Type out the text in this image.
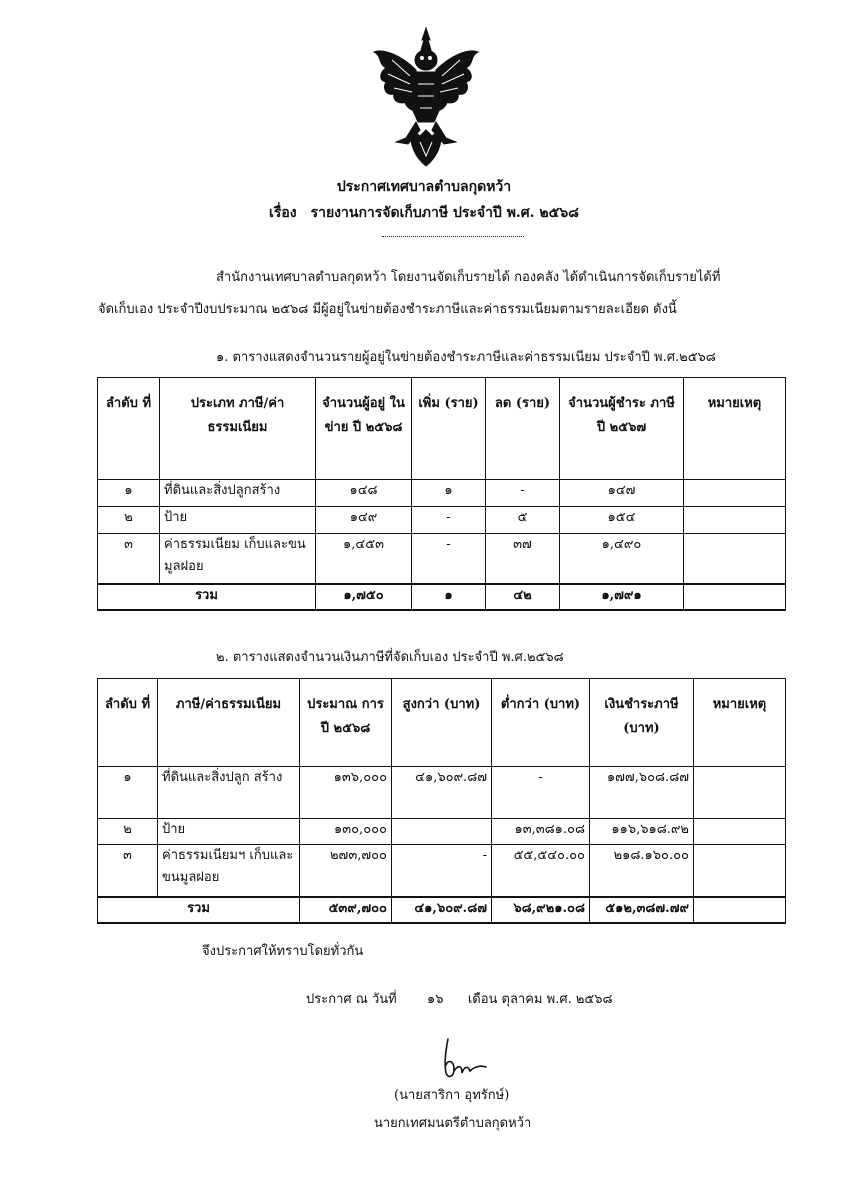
ประกาศเทศบาลตำบลกุดหว้า
เรื่อง รายงานการจัดเก็บภาษี ประจำปี พ.ศ. ๒๕๖๘
สำนักงานเทศบาลตำบลกุดหว้า โดยงานจัดเก็บรายได้ กองคลัง ได้ดำเนินการจัดเก็บรายได้ที่
จัดเก็บเอง ประจำปีงบประมาณ ๒๕๖๘ มีผู้อยู่ในข่ายต้องชำระภาษีและค่าธรรมเนียมตามรายละเอียด ดังนี้
๑. ตารางแสดงจำนวนรายผู้อยู่ในข่ายต้องชำระภาษีและค่าธรรมเนียม ประจำปี พ.ศ.๒๕๖๘
ลำดับ ที่	ประเภท ภาษี/ค่าธรรมเนียม	จำนวนผู้อยู่ ในข่าย ปี ๒๕๖๘	เพิ่ม (ราย)	ลด (ราย)	จำนวนผู้ชำระ ภาษี ปี ๒๕๖๗	หมายเหตุ
๑	ที่ดินและสิ่งปลูกสร้าง	๑๔๘	๑	-	๑๔๗	
๒	ป้าย	๑๔๙	-	๕	๑๕๔	
๓	ค่าธรรมเนียม เก็บและขนมูลฝอย	๑,๔๕๓	-	๓๗	๑,๔๙๐	
รวม		๑,๗๕๐	๑	๔๒	๑,๗๙๑	
๒. ตารางแสดงจำนวนเงินภาษีที่จัดเก็บเอง ประจำปี พ.ศ.๒๕๖๘
ลำดับ ที่	ภาษี/ค่าธรรมเนียม	ประมาณ การ ปี ๒๕๖๘	สูงกว่า (บาท)	ต่ำกว่า (บาท)	เงินชำระภาษี (บาท)	หมายเหตุ
๑	ที่ดินและสิ่งปลูก สร้าง	๑๓๖,๐๐๐	๔๑,๖๐๙.๘๗	-	๑๗๗,๖๐๘.๘๗	
๒	ป้าย	๑๓๐,๐๐๐		๑๓,๓๘๑.๐๘	๑๑๖,๖๑๘.๙๒	
๓	ค่าธรรมเนียมฯ เก็บและขนมูลฝอย	๒๗๓,๗๐๐	-	๕๕,๕๔๐.๐๐	๒๑๘.๑๖๐.๐๐	
รวม		๕๓๙,๗๐๐	๔๑,๖๐๙.๘๗	๖๘,๙๒๑.๐๘	๕๑๒,๓๘๗.๗๙	
จึงประกาศให้ทราบโดยทั่วกัน
ประกาศ ณ วันที่ ๑๖ เดือน ตุลาคม พ.ศ. ๒๕๖๘
(นายสาริกา อุทรักษ์)
นายกเทศมนตรีตำบลกุดหว้า
